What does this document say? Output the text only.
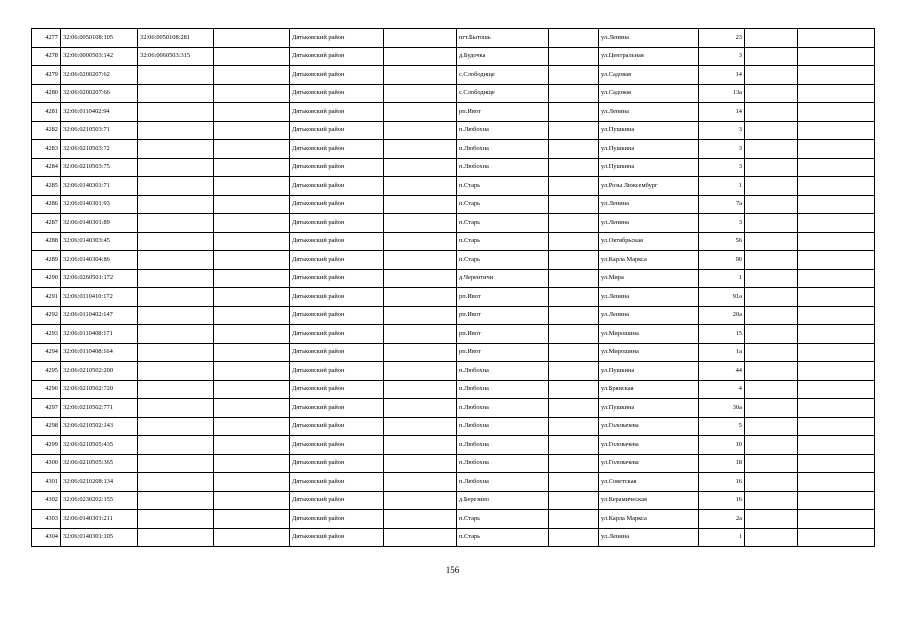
4277	32:06:0050108:105	32:06:0050108:281		Дятьковский район		пгт.Бытошь		ул.Ленина	23		
4278	32:06:0000503:142	32:06:0060503:315		Дятьковский район		д.Будочка		ул.Центральная	3		
4279	32:06:0200207:62			Дятьковский район		с.Слободище		ул.Садовая	14		
4280	32:06:0200207:66			Дятьковский район		с.Слободище		ул.Садовая	13а		
4281	32:06:0110402:94			Дятьковский район		рп.Ивот		ул.Ленина	14		
4282	32:06:0210503:71			Дятьковский район		п.Любохна		ул.Пушкина	3		
4283	32:06:0210503:72			Дятьковский район		п.Любохна		ул.Пушкина	3		
4284	32:06:0210503:75			Дятьковский район		п.Любохна		ул.Пушкина	3		
4285	32:06:0140301:71			Дятьковский район		п.Старь		ул.Розы Люксембург	1		
4286	32:06:0140301:93			Дятьковский район		п.Старь		ул.Ленина	7а		
4287	32:06:0140301:89			Дятьковский район		п.Старь		ул.Ленина	3		
4288	32:06:0140303:45			Дятьковский район		п.Старь		ул.Октябрьская	56		
4289	32:06:0140304:86			Дятьковский район		п.Старь		ул.Карла Маркса	90		
4290	32:06:0260501:172			Дятьковский район		д.Черентичи		ул.Мира	1		
4291	32:06:0110410:172			Дятьковский район		рп.Ивот		ул.Ленина	91а		
4292	32:06:0110402:147			Дятьковский район		рп.Ивот		ул.Ленина	20а		
4293	32:06:0110408:171			Дятьковский район		рп.Ивот		ул.Мирошина	15		
4294	32:06:0110408:164			Дятьковский район		рп.Ивот		ул.Мирошина	1а		
4295	32:06:0210502:200			Дятьковский район		п.Любохна		ул.Пушкина	44		
4296	32:06:0210502:720			Дятьковский район		п.Любохна		ул.Брянская	4		
4297	32:06:0210502:771			Дятьковский район		п.Любохна		ул.Пушкина	30а		
4298	32:06:0210502:143			Дятьковский район		п.Любохна		ул.Головачева	5		
4299	32:06:0210505:435			Дятьковский район		п.Любохна		ул.Головачева	10		
4300	32:06:0210505:365			Дятьковский район		п.Любохна		ул.Головачева	18		
4301	32:06:0210208:134			Дятьковский район		п.Любохна		ул.Советская	16		
4302	32:06:0230202:155			Дятьковский район		д.Березино		ул.Керамическая	16		
4303	32:06:0140301:211			Дятьковский район		п.Старь		ул.Карла Маркса	2а		
4304	32:06:0140301:105			Дятьковский район		п.Старь		ул.Ленина	1		
156
